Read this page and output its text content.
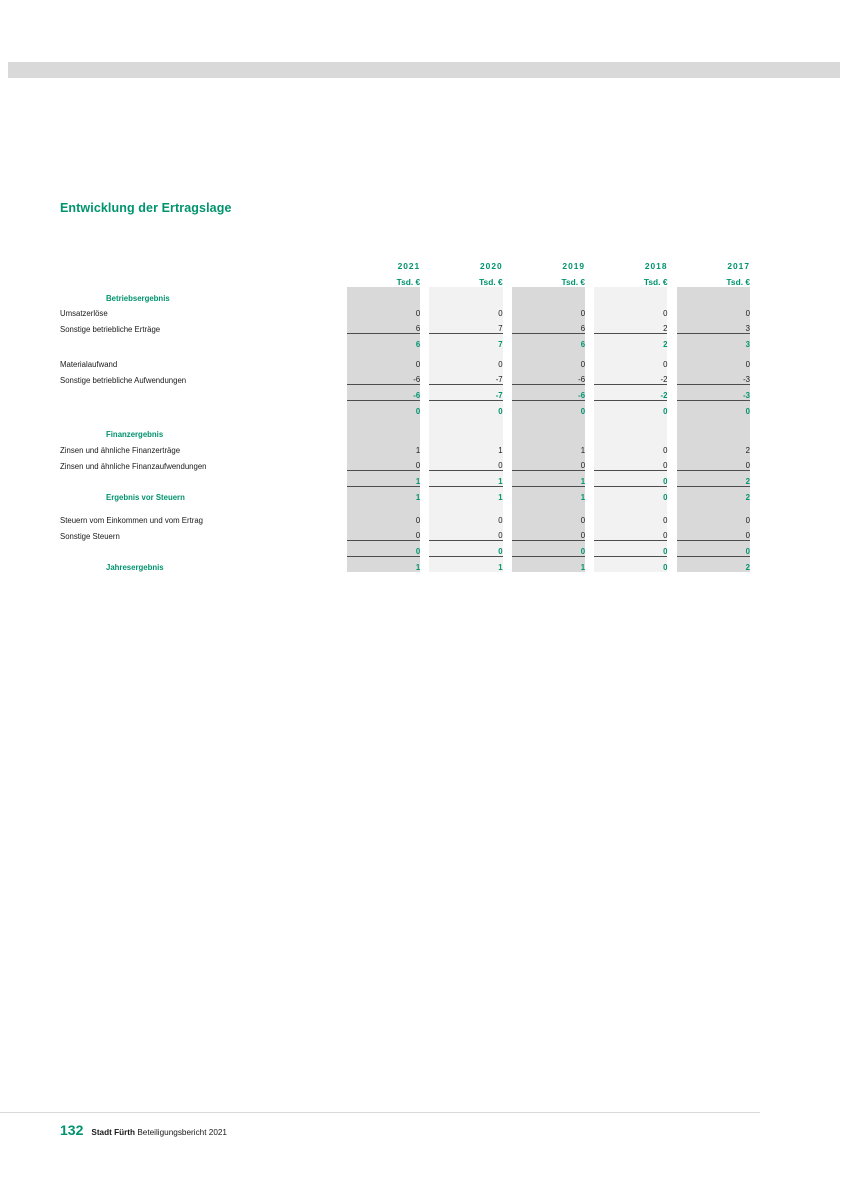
Entwicklung der Ertragslage
	2021		2020		2019		2018		2017
	Tsd. €		Tsd. €		Tsd. €		Tsd. €		Tsd. €
Betriebsergebnis									
Umsatzerlöse	0		0		0		0		0
Sonstige betriebliche Erträge	6		7		6		2		3
	6		7		6		2		3

Materialaufwand	0		0		0		0		0
Sonstige betriebliche Aufwendungen	-6		-7		-6		-2		-3
	-6		-7		-6		-2		-3
	0		0		0		0		0

Finanzergebnis									
Zinsen und ähnliche Finanzerträge	1		1		1		0		2
Zinsen und ähnliche Finanzaufwendungen	0		0		0		0		0
	1		1		1		0		2
Ergebnis vor Steuern	1		1		1		0		2

Steuern vom Einkommen und vom Ertrag	0		0		0		0		0
Sonstige Steuern	0		0		0		0		0
	0		0		0		0		0
Jahresergebnis	1		1		1		0		2
132 Stadt Fürth Beteiligungsbericht 2021
